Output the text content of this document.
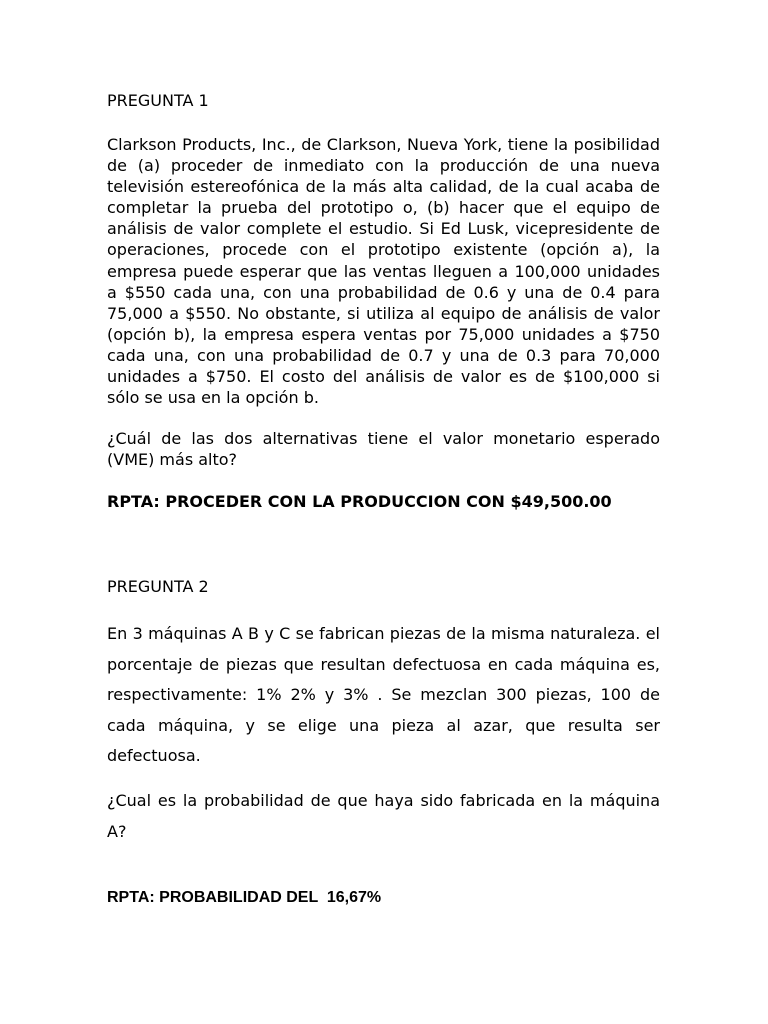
PREGUNTA 1

Clarkson Products, Inc., de Clarkson, Nueva York, tiene la posibilidad de (a) proceder de inmediato con la producción de una nueva televisión estereofónica de la más alta calidad, de la cual acaba de completar la prueba del prototipo o, (b) hacer que el equipo de análisis de valor complete el estudio. Si Ed Lusk, vicepresidente de operaciones, procede con el prototipo existente (opción a), la empresa puede esperar que las ventas lleguen a 100,000 unidades a $550 cada una, con una probabilidad de 0.6 y una de 0.4 para 75,000 a $550. No obstante, si utiliza al equipo de análisis de valor (opción b), la empresa espera ventas por 75,000 unidades a $750 cada una, con una probabilidad de 0.7 y una de 0.3 para 70,000 unidades a $750. El costo del análisis de valor es de $100,000 si sólo se usa en la opción b.

¿Cuál de las dos alternativas tiene el valor monetario esperado (VME) más alto?

RPTA: PROCEDER CON LA PRODUCCION CON $49,500.00

PREGUNTA 2

En 3 máquinas A B y C se fabrican piezas de la misma naturaleza. el porcentaje de piezas que resultan defectuosa en cada máquina es, respectivamente: 1% 2% y 3% . Se mezclan 300 piezas, 100 de cada máquina, y se elige una pieza al azar, que resulta ser defectuosa.

¿Cual es la probabilidad de que haya sido fabricada en la máquina A?

RPTA: PROBABILIDAD DEL  16,67%
